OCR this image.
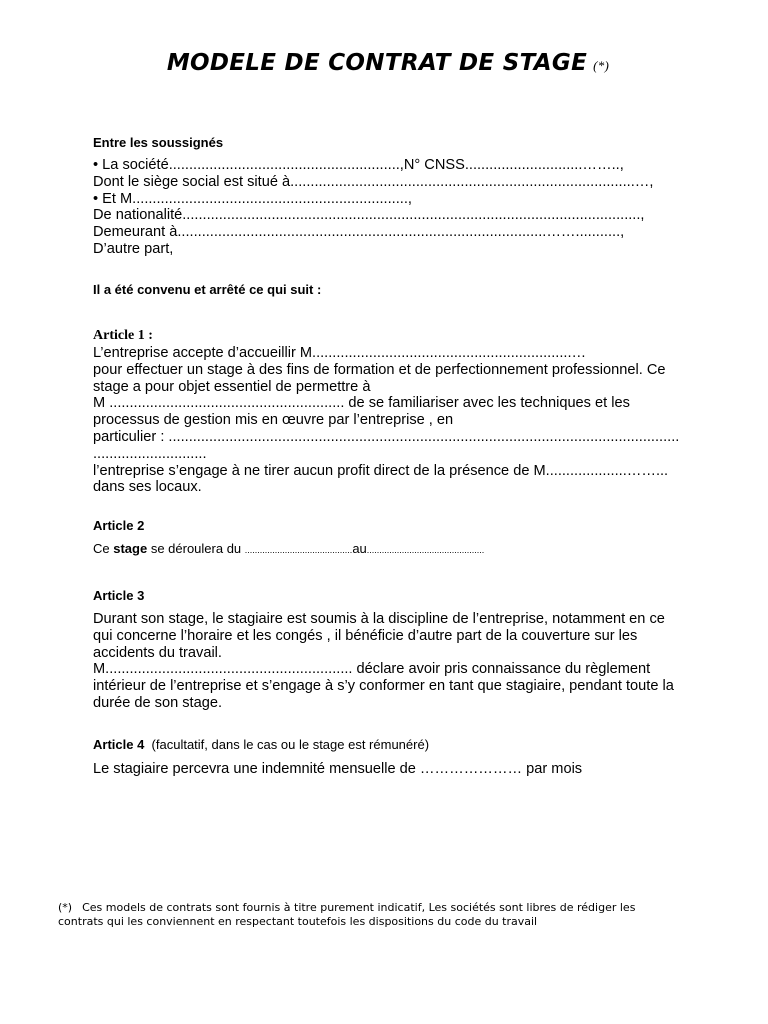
MODELE DE CONTRAT DE STAGE (*)
Entre les soussignés
• La société.........................................................,N° CNSS.............................……..,
Dont le siège social est situé à.....................................................................................…,
• Et M....................................................................,
De nationalité.................................................................................................................,
Demeurant à...........................................................................................……...........,
D’autre part,
Il a été convenu et arrêté ce qui suit :
Article 1 :
L’entreprise accepte d’accueillir M................................................................…
pour effectuer un stage à des fins de formation et de perfectionnement professionnel. Ce
stage a pour objet essentiel de permettre à
M .......................................................... de se familiariser avec les techniques et les
processus de gestion mis en œuvre par l’entreprise , en
particulier : ..............................................................................................................................
............................
l’entreprise s’engage à ne tirer aucun profit direct de la présence de M....................……...
dans ses locaux.
Article 2
Ce stage se déroulera du ...........................................au...............................................
Article 3
Durant son stage, le stagiaire est soumis à la discipline de l’entreprise, notamment en ce
qui concerne l’horaire et les congés , il bénéficie d’autre part de la couverture sur les
accidents du travail.
M............................................................. déclare avoir pris connaissance du règlement
intérieur de l’entreprise et s’engage à s’y conformer en tant que stagiaire, pendant toute la
durée de son stage.
Article 4 (facultatif, dans le cas ou le stage est rémunéré)
Le stagiaire percevra une indemnité mensuelle de ………………… par mois
(*) Ces models de contrats sont fournis à titre purement indicatif, Les sociétés sont libres de rédiger les
contrats qui les conviennent en respectant toutefois les dispositions du code du travail
